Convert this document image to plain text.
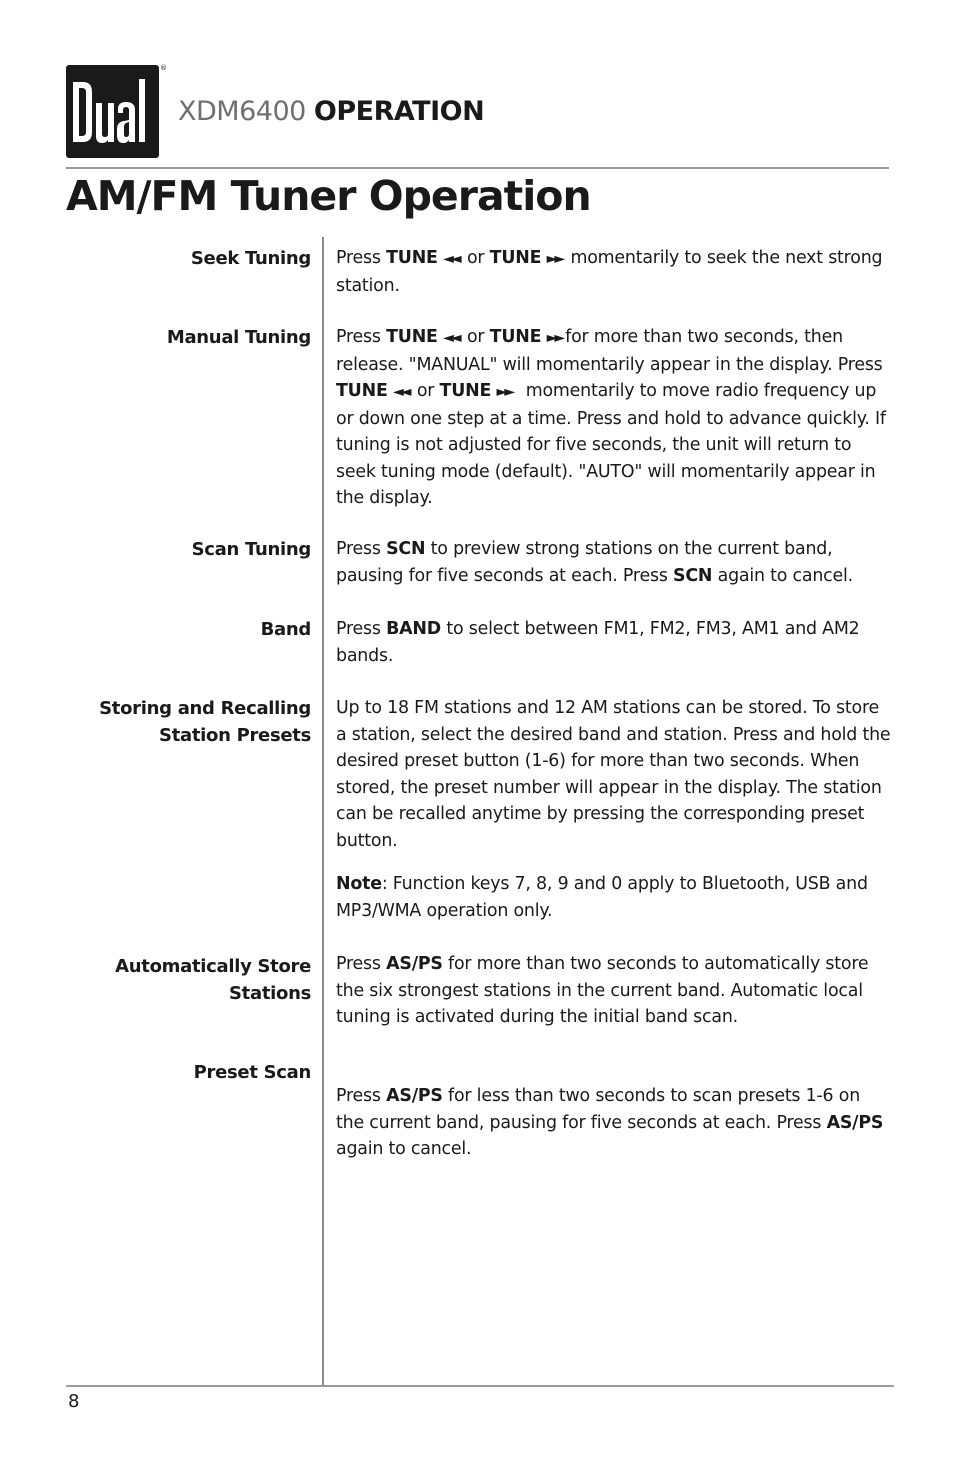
®
XDM6400 OPERATION
AM/FM Tuner Operation
Seek Tuning Press TUNE ◄◄ or TUNE ►► momentarily to seek the next strong station.

Manual Tuning Press TUNE ◄◄ or TUNE ►► for more than two seconds, then release. "MANUAL" will momentarily appear in the display. Press TUNE ◄◄ or TUNE ►►  momentarily to move radio frequency up or down one step at a time. Press and hold to advance quickly. If tuning is not adjusted for five seconds, the unit will return to seek tuning mode (default). "AUTO" will momentarily appear in the display.

Scan Tuning Press SCN to preview strong stations on the current band, pausing for five seconds at each. Press SCN again to cancel.

Band Press BAND to select between FM1, FM2, FM3, AM1 and AM2 bands.

Storing and Recalling
Station Presets

Up to 18 FM stations and 12 AM stations can be stored. To store a station, select the desired band and station. Press and hold the desired preset button (1-6) for more than two seconds. When stored, the preset number will appear in the display. The station can be recalled anytime by pressing the corresponding preset button.

Note: Function keys 7, 8, 9 and 0 apply to Bluetooth, USB and MP3/WMA operation only.

Automatically Store
Stations

Press AS/PS for more than two seconds to automatically store the six strongest stations in the current band. Automatic local tuning is activated during the initial band scan.

Preset Scan

Press AS/PS for less than two seconds to scan presets 1-6 on the current band, pausing for five seconds at each. Press AS/PS again to cancel.

8
